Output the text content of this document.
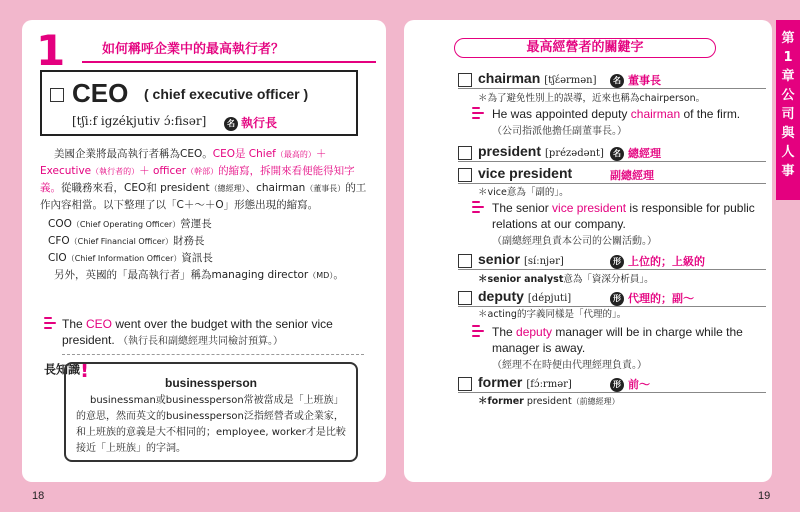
1	如何稱呼企業中的最高執行者？
CEO ( chief executive officer )
[tʃiːf igzékjutiv ɔ́:fisər]	名 執行長

美國企業將最高執行者稱為CEO。CEO是 Chief（最高的）＋ Executive（執行者的）＋ officer（幹部）的縮寫，拆開來看便能得知字義。從職務來看，CEO和 president（總經理）、chairman（董事長）的工作內容相當。以下整理了以「C＋～＋O」形態出現的縮寫。

COO（Chief Operating Officer）營運長
CFO（Chief Financial Officer）財務長
CIO（Chief Information Officer）資訊長

另外，英國的「最高執行者」稱為managing director（MD）。

The CEO went over the budget with the senior vice president. （執行長和副總經理共同檢討預算。）
長知識!
businessperson
businessman或businessperson常被當成是「上班族」的意思，然而英文的businessperson泛指經營者或企業家，和上班族的意義是大不相同的；employee, worker才是比較接近「上班族」的字詞。
18
最高經營者的關鍵字
chairman [tʃέərmən]	名 董事長
＊為了避免性別上的誤導，近來也稱為chairperson。
He was appointed deputy chairman of the firm.
（公司指派他擔任副董事長。）
president [prézədənt]	名 總經理
vice president	副總經理
＊vice意為「副的」。
The senior vice president is responsible for public relations at our company.
（副總經理負責本公司的公關活動。）
senior [síːnjər]	形 上位的；上級的
＊senior analyst意為「資深分析員」。
deputy [dépjuti]	形 代理的；副～
＊acting的字義同樣是「代理的」。
The deputy manager will be in charge while the manager is away.
（經理不在時便由代理經理負責。）
former [fɔ́ːrmər]	形 前～
＊former president（前總經理）
19
第
1
章
公
司
與
人
事
